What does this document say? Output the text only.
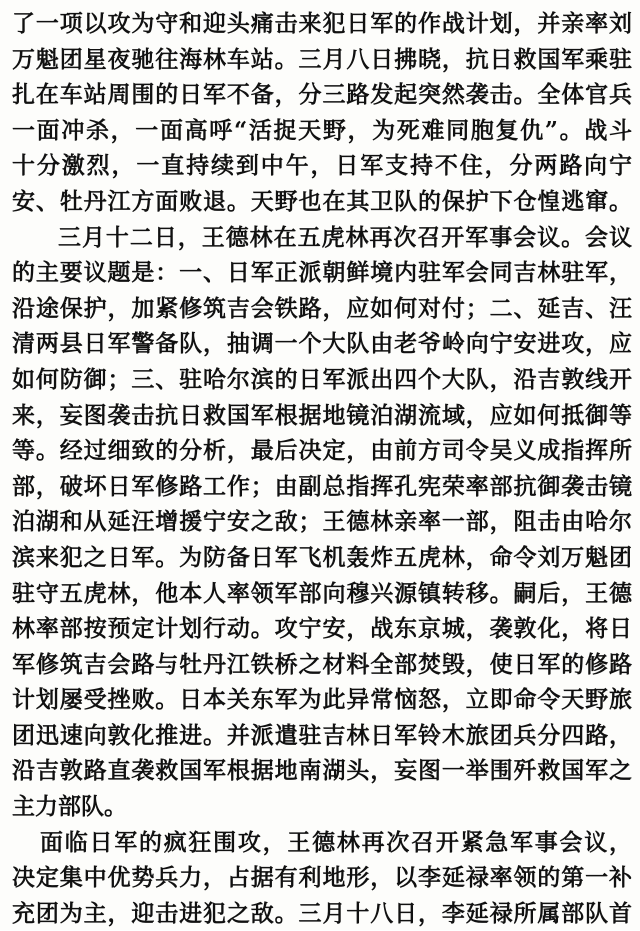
了一项以攻为守和迎头痛击来犯日军的作战计划，并亲率刘
万魁团星夜驰往海林车站。三月八日拂晓，抗日救国军乘驻
扎在车站周围的日军不备，分三路发起突然袭击。全体官兵
一面冲杀，一面高呼“活捉天野，为死难同胞复仇”。战斗
十分激烈，一直持续到中午，日军支持不住，分两路向宁
安、牡丹江方面败退。天野也在其卫队的保护下仓惶逃窜。
三月十二日，王德林在五虎林再次召开军事会议。会议
的主要议题是：一、日军正派朝鲜境内驻军会同吉林驻军，
沿途保护，加紧修筑吉会铁路，应如何对付；二、延吉、汪
清两县日军警备队，抽调一个大队由老爷岭向宁安进攻，应
如何防御；三、驻哈尔滨的日军派出四个大队，沿吉敦线开
来，妄图袭击抗日救国军根据地镜泊湖流域，应如何抵御等
等。经过细致的分析，最后决定，由前方司令吴义成指挥所
部，破坏日军修路工作；由副总指挥孔宪荣率部抗御袭击镜
泊湖和从延汪增援宁安之敌；王德林亲率一部，阻击由哈尔
滨来犯之日军。为防备日军飞机轰炸五虎林，命令刘万魁团
驻守五虎林，他本人率领军部向穆兴源镇转移。嗣后，王德
林率部按预定计划行动。攻宁安，战东京城，袭敦化，将日
军修筑吉会路与牡丹江铁桥之材料全部焚毁，使日军的修路
计划屡受挫败。日本关东军为此异常恼怒，立即命令天野旅
团迅速向敦化推进。并派遣驻吉林日军铃木旅团兵分四路，
沿吉敦路直袭救国军根据地南湖头，妄图一举围歼救国军之
主力部队。
面临日军的疯狂围攻，王德林再次召开紧急军事会议，
决定集中优势兵力，占据有利地形，以李延禄率领的第一补
充团为主，迎击进犯之敌。三月十八日，李延禄所属部队首
